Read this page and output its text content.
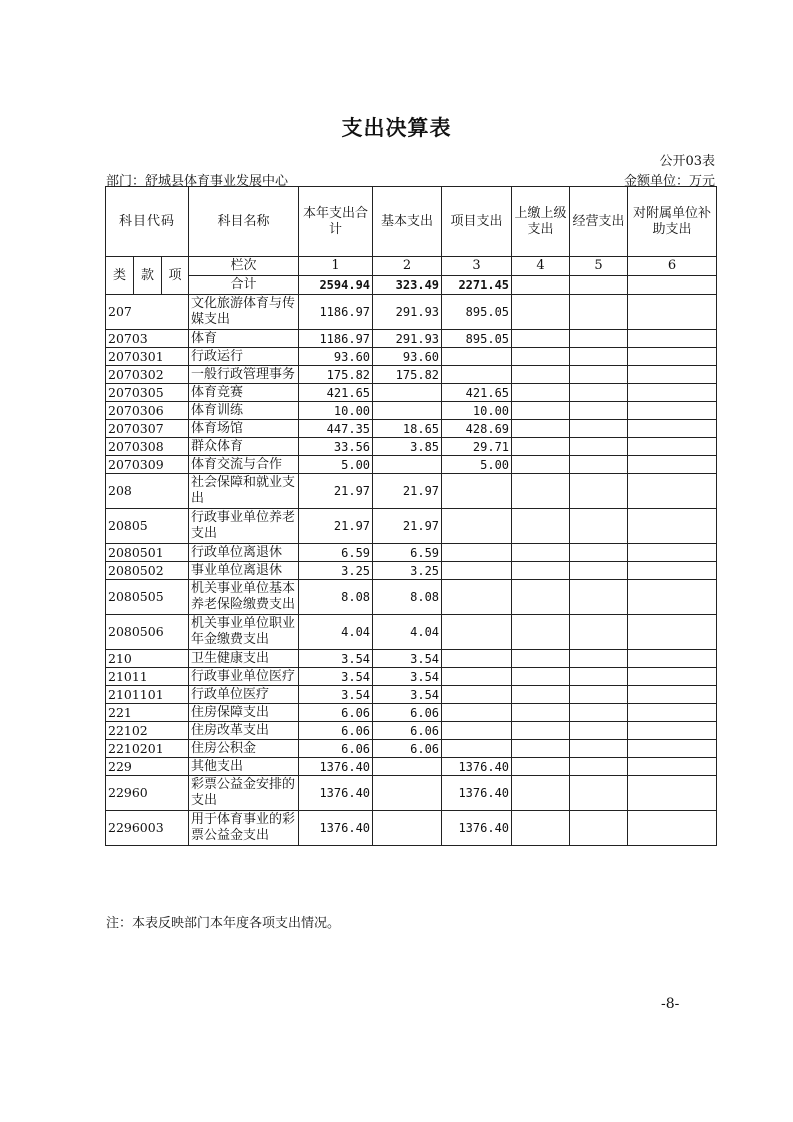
支出决算表
公开03表
部门：舒城县体育事业发展中心	金额单位：万元
科目代码			科目名称	本年支出合计	基本支出	项目支出	上缴上级支出	经营支出	对附属单位补助支出
类	款	项	栏次	1	2	3	4	5	6
			合计	2594.94	323.49	2271.45			
207			文化旅游体育与传媒支出	1186.97	291.93	895.05			
20703			体育	1186.97	291.93	895.05			
2070301			行政运行	93.60	93.60				
2070302			一般行政管理事务	175.82	175.82				
2070305			体育竞赛	421.65		421.65			
2070306			体育训练	10.00		10.00			
2070307			体育场馆	447.35	18.65	428.69			
2070308			群众体育	33.56	3.85	29.71			
2070309			体育交流与合作	5.00		5.00			
208			社会保障和就业支出	21.97	21.97				
20805			行政事业单位养老支出	21.97	21.97				
2080501			行政单位离退休	6.59	6.59				
2080502			事业单位离退休	3.25	3.25				
2080505			机关事业单位基本养老保险缴费支出	8.08	8.08				
2080506			机关事业单位职业年金缴费支出	4.04	4.04				
210			卫生健康支出	3.54	3.54				
21011			行政事业单位医疗	3.54	3.54				
2101101			行政单位医疗	3.54	3.54				
221			住房保障支出	6.06	6.06				
22102			住房改革支出	6.06	6.06				
2210201			住房公积金	6.06	6.06				
229			其他支出	1376.40		1376.40			
22960			彩票公益金安排的支出	1376.40		1376.40			
2296003			用于体育事业的彩票公益金支出	1376.40		1376.40			
注：本表反映部门本年度各项支出情况。
-8-
